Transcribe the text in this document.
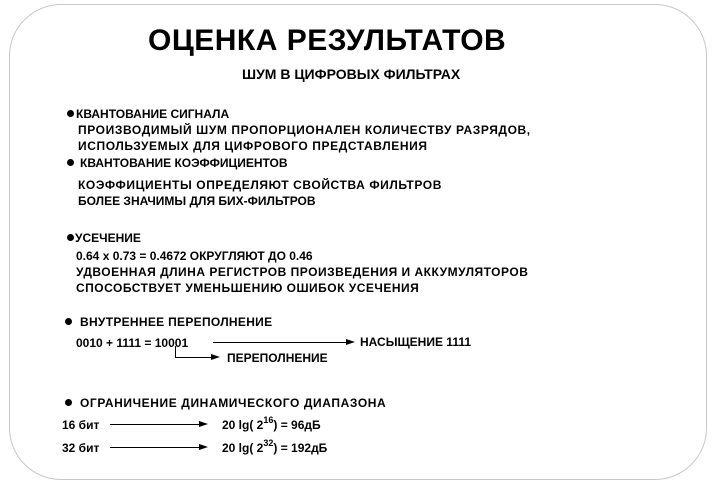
ОЦЕНКА РЕЗУЛЬТАТОВ
ШУМ В ЦИФРОВЫХ ФИЛЬТРАХ
КВАНТОВАНИЕ СИГНАЛА
ПРОИЗВОДИМЫЙ ШУМ ПРОПОРЦИОНАЛЕН КОЛИЧЕСТВУ РАЗРЯДОВ,
ИСПОЛЬЗУЕМЫХ ДЛЯ ЦИФРОВОГО ПРЕДСТАВЛЕНИЯ
КВАНТОВАНИЕ КОЭФФИЦИЕНТОВ
КОЭФФИЦИЕНТЫ ОПРЕДЕЛЯЮТ СВОЙСТВА ФИЛЬТРОВ
БОЛЕЕ ЗНАЧИМЫ ДЛЯ БИХ-ФИЛЬТРОВ
УСЕЧЕНИЕ
0.64 x 0.73 = 0.4672 ОКРУГЛЯЮТ ДО 0.46
УДВОЕННАЯ ДЛИНА РЕГИСТРОВ ПРОИЗВЕДЕНИЯ И АККУМУЛЯТОРОВ
СПОСОБСТВУЕТ УМЕНЬШЕНИЮ ОШИБОК УСЕЧЕНИЯ
ВНУТРЕННЕЕ ПЕРЕПОЛНЕНИЕ
0010 + 1111 = 10001	НАСЫЩЕНИЕ 1111
ПЕРЕПОЛНЕНИЕ
ОГРАНИЧЕНИЕ ДИНАМИЧЕСКОГО ДИАПАЗОНА
16 бит	20 lg( $2^{16}) = 96дБ$
32 бит	20 lg( $2^{32}) = 192дБ$
